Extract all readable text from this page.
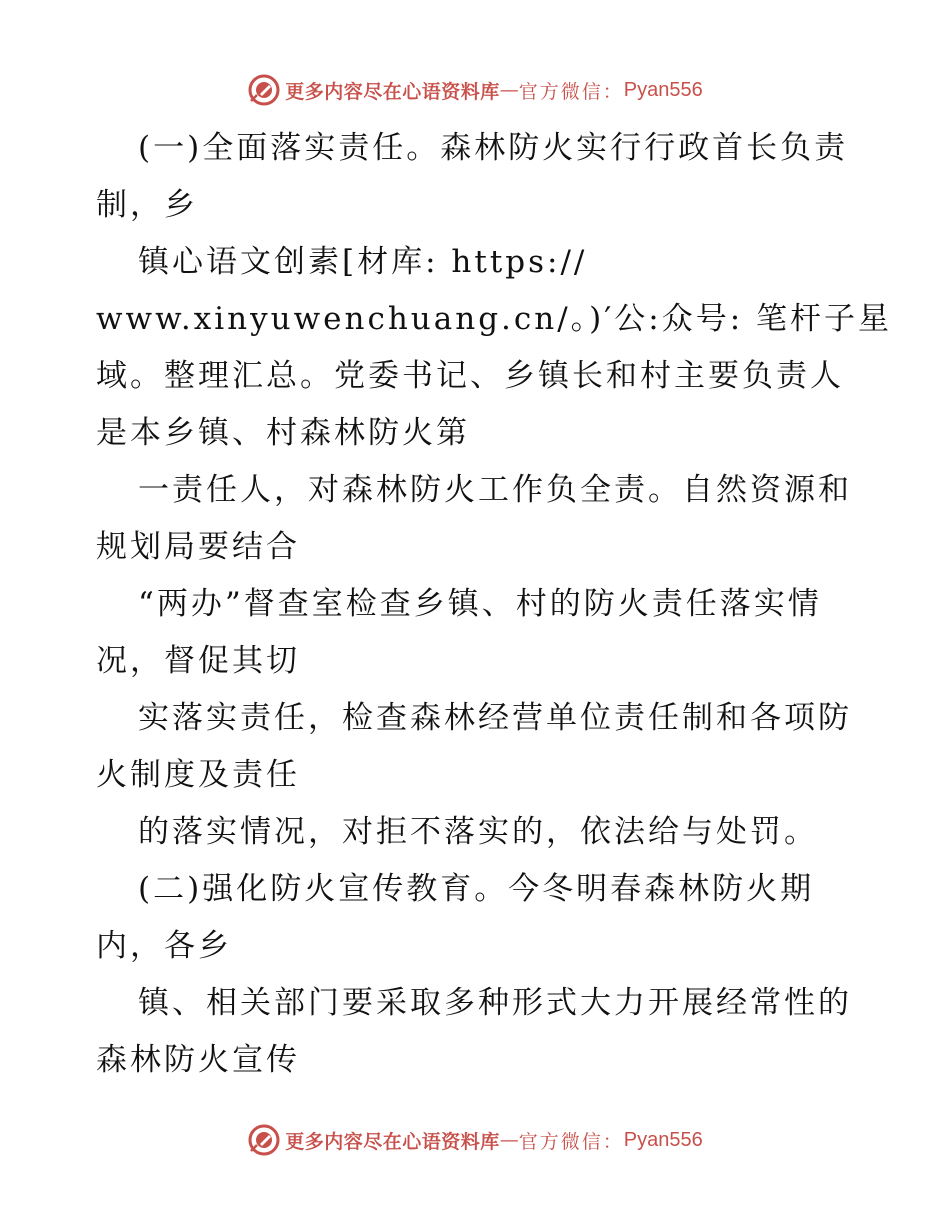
更多内容尽在心语资料库 — 官方微信： Pyan556
(一)全面落实责任。森林防火实行行政首长负责
制，乡
镇心语文创素[材库: https://
www.xinyuwenchuang.cn/。)′公:众号: 笔杆子星
域。整理汇总。党委书记、乡镇长和村主要负责人
是本乡镇、村森林防火第
一责任人，对森林防火工作负全责。自然资源和
规划局要结合
“两办”督查室检查乡镇、村的防火责任落实情
况，督促其切
实落实责任，检查森林经营单位责任制和各项防
火制度及责任
的落实情况，对拒不落实的，依法给与处罚。
(二)强化防火宣传教育。今冬明春森林防火期
内，各乡
镇、相关部门要采取多种形式大力开展经常性的
森林防火宣传
更多内容尽在心语资料库 — 官方微信： Pyan556
